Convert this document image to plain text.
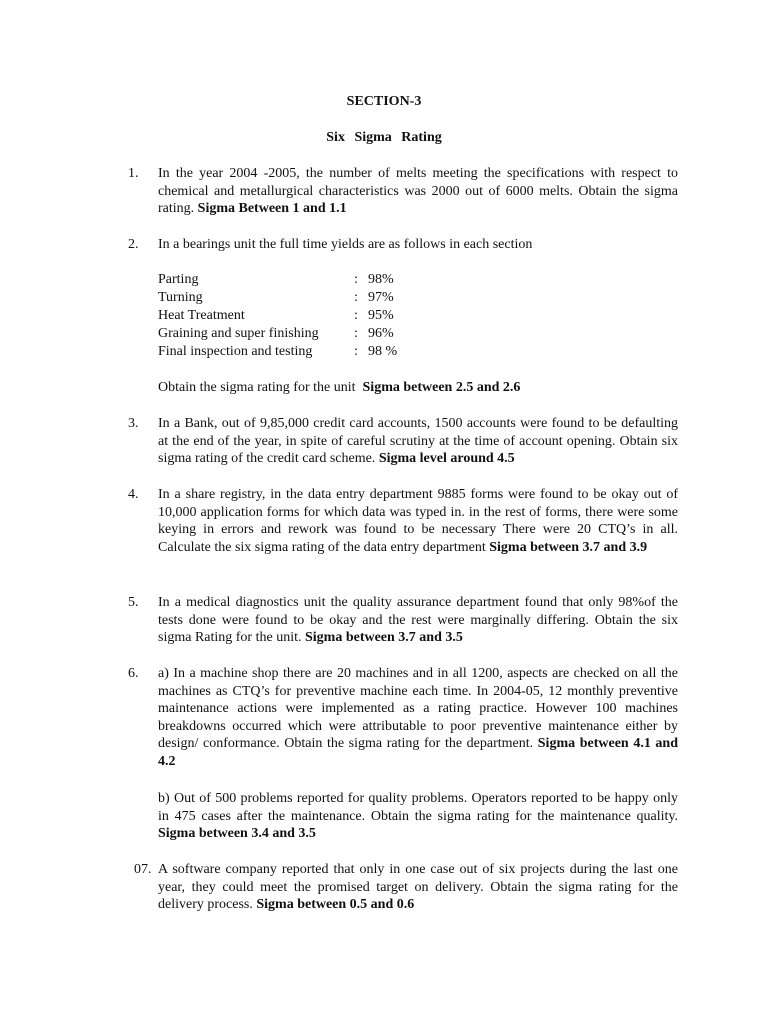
SECTION-3
Six Sigma Rating
1.	In the year 2004 -2005, the number of melts meeting the specifications with respect to chemical and metallurgical characteristics was 2000 out of 6000 melts. Obtain the sigma rating. Sigma Between 1 and 1.1
2.	In a bearings unit the full time yields are as follows in each section
Parting	: 98%
Turning	: 97%
Heat Treatment	: 95%
Graining and super finishing	: 96%
Final inspection and testing	: 98 %
Obtain the sigma rating for the unit Sigma between 2.5 and 2.6
3.	In a Bank, out of 9,85,000 credit card accounts, 1500 accounts were found to be defaulting at the end of the year, in spite of careful scrutiny at the time of account opening. Obtain six sigma rating of the credit card scheme. Sigma level around 4.5
4.	In a share registry, in the data entry department 9885 forms were found to be okay out of 10,000 application forms for which data was typed in. in the rest of forms, there were some keying in errors and rework was found to be necessary There were 20 CTQ’s in all. Calculate the six sigma rating of the data entry department Sigma between 3.7 and 3.9
5.	In a medical diagnostics unit the quality assurance department found that only 98%of the tests done were found to be okay and the rest were marginally differing. Obtain the six sigma Rating for the unit. Sigma between 3.7 and 3.5
6.	a) In a machine shop there are 20 machines and in all 1200, aspects are checked on all the machines as CTQ’s for preventive machine each time. In 2004-05, 12 monthly preventive maintenance actions were implemented as a rating practice. However 100 machines breakdowns occurred which were attributable to poor preventive maintenance either by design/ conformance. Obtain the sigma rating for the department. Sigma between 4.1 and 4.2
b) Out of 500 problems reported for quality problems. Operators reported to be happy only in 475 cases after the maintenance. Obtain the sigma rating for the maintenance quality. Sigma between 3.4 and 3.5
07. A software company reported that only in one case out of six projects during the last one year, they could meet the promised target on delivery. Obtain the sigma rating for the delivery process. Sigma between 0.5 and 0.6
